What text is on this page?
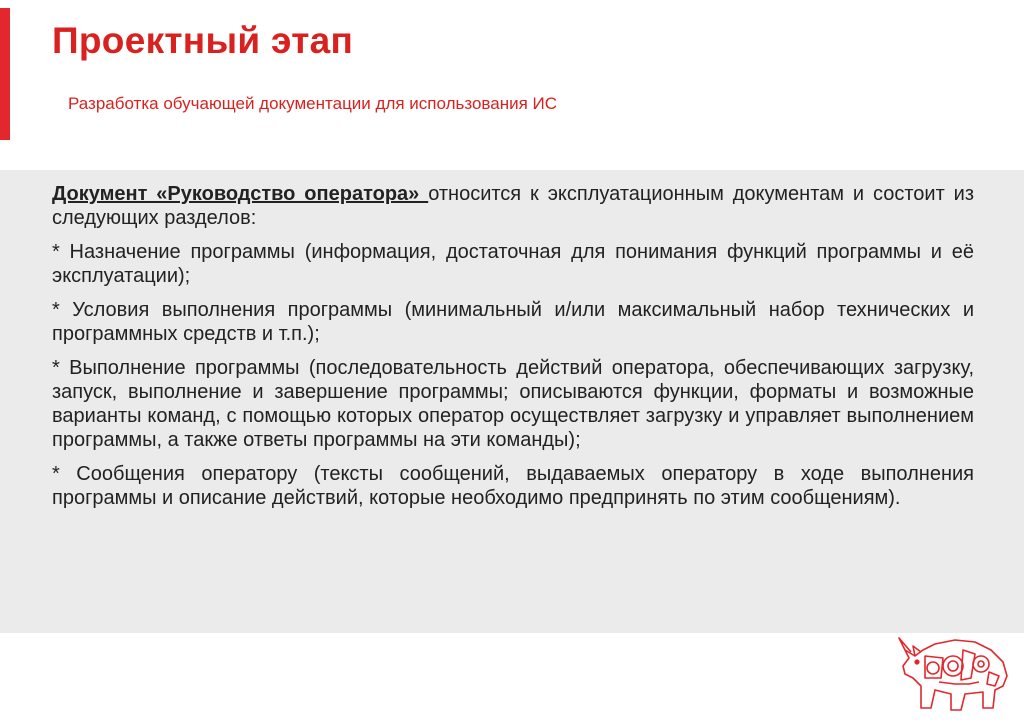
Проектный этап

Разработка обучающей документации для использования ИС

Документ «Руководство оператора» относится к эксплуатационным документам и состоит из следующих разделов:

* Назначение программы (информация, достаточная для понимания функций программы и её эксплуатации);

* Условия выполнения программы (минимальный и/или максимальный набор технических и программных средств и т.п.);

* Выполнение программы (последовательность действий оператора, обеспечивающих загрузку, запуск, выполнение и завершение программы; описываются функции, форматы и возможные варианты команд, с помощью которых оператор осуществляет загрузку и управляет выполнением программы, а также ответы программы на эти команды);

* Сообщения оператору (тексты сообщений, выдаваемых оператору в ходе выполнения программы и описание действий, которые необходимо предпринять по этим сообщениям).
